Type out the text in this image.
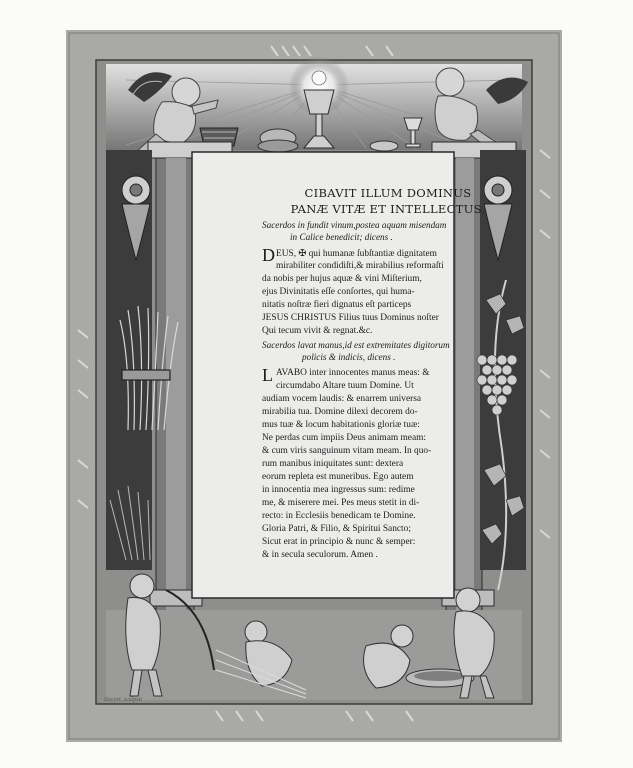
CIBAVIT ILLUM DOMINUS

PANÆ VITÆ ET INTELLECTUS.

Sacerdos in fundit vinum,postea aquam misendam

in Calice benedicit; dicens .

D EUS, ✠ qui humanæ ſubſtantiæ dignitatem

mirabiliter condidiſti,& mirabilius reformaſti

da nobis per hujus aquæ & vini Miſterium,

ejus Divinitatis eſſe conſortes, qui huma-

nitatis noſtræ fieri dignatus eſt particeps

JESUS CHRISTUS Filius tuus Dominus noſter

Qui tecum vivit & regnat.&c.

Sacerdos lavat manus,id est extremitates digitorum

policis & indicis, dicens .

L AVABO inter innocentes manus meas: &

circumdabo Altare tuum Domine. Ut

audiam vocem laudis: & enarrem universa

mirabilia tua. Domine dilexi decorem do-

mus tuæ & locum habitationis gloriæ tuæ:

Ne perdas cum impiis Deus animam meam:

& cum viris sanguinum vitam meam. In quo-

rum manibus iniquitates sunt: dextera

eorum repleta est muneribus. Ego autem

in innocentia mea ingressus sum: redime

me, & miserere mei. Pes meus stetit in di-

recto: in Ecclesiis benedicam te Domine.

Gloria Patri, & Filio, & Spiritui Sancto;

Sicut erat in principio & nunc & semper:

& in secula seculorum. Amen .

Decort. sculpsit
